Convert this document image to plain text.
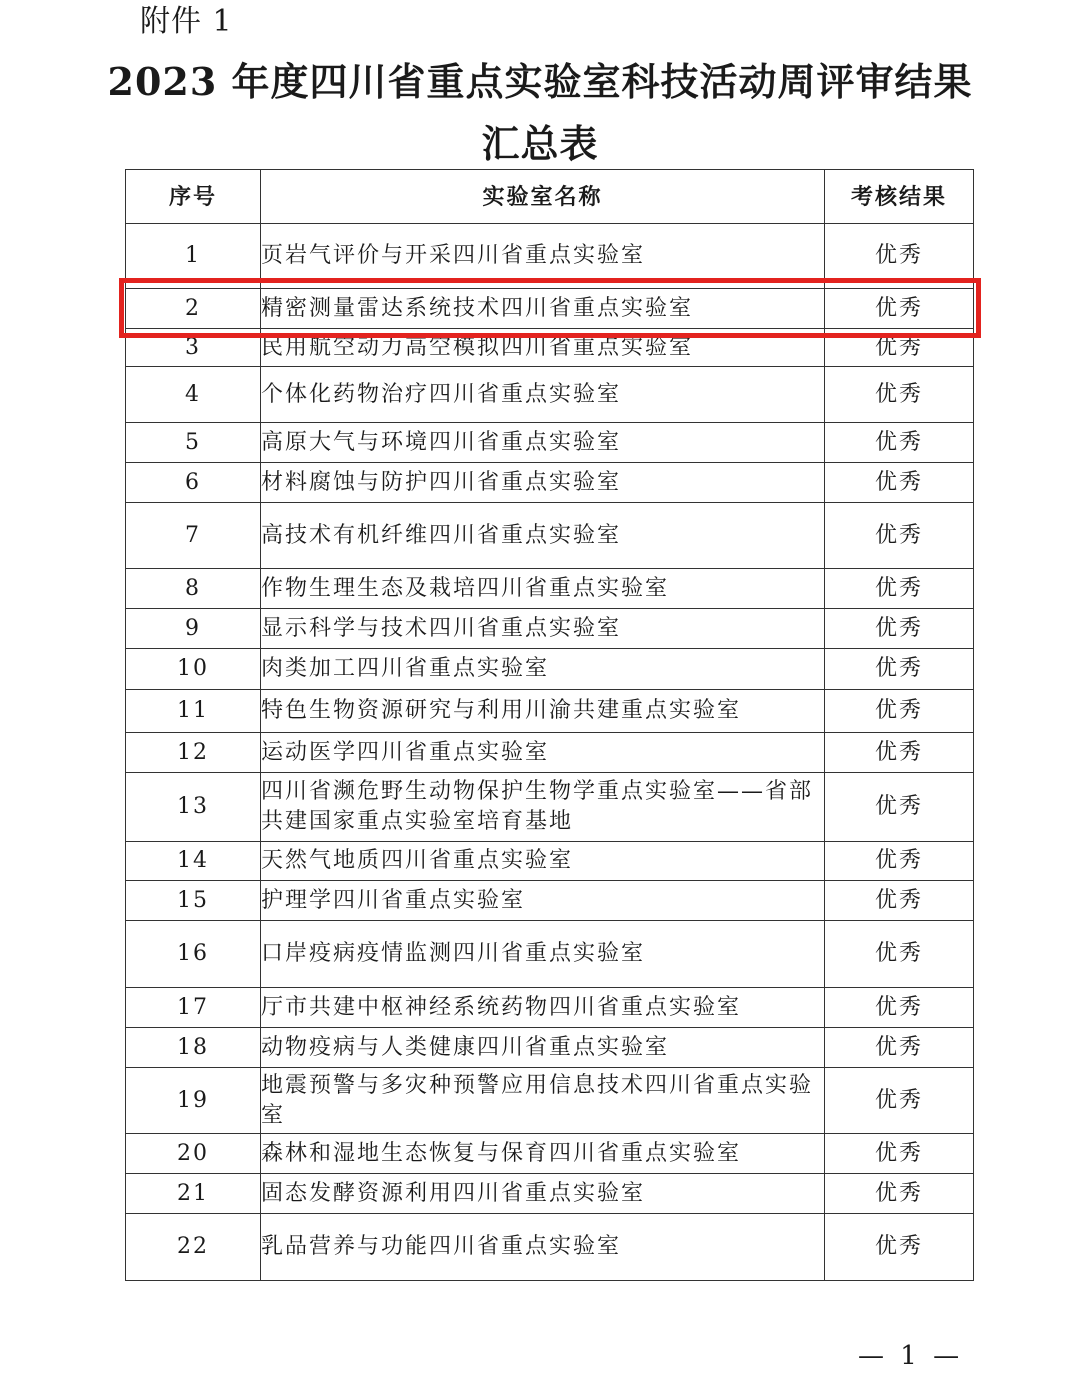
附件 1
2023 年度四川省重点实验室科技活动周评审结果
汇总表
序号	实验室名称	考核结果
1	页岩气评价与开采四川省重点实验室	优秀
2	精密测量雷达系统技术四川省重点实验室	优秀
3	民用航空动力高空模拟四川省重点实验室	优秀
4	个体化药物治疗四川省重点实验室	优秀
5	高原大气与环境四川省重点实验室	优秀
6	材料腐蚀与防护四川省重点实验室	优秀
7	高技术有机纤维四川省重点实验室	优秀
8	作物生理生态及栽培四川省重点实验室	优秀
9	显示科学与技术四川省重点实验室	优秀
10	肉类加工四川省重点实验室	优秀
11	特色生物资源研究与利用川渝共建重点实验室	优秀
12	运动医学四川省重点实验室	优秀
13	四川省濒危野生动物保护生物学重点实验室——省部共建国家重点实验室培育基地	优秀
14	天然气地质四川省重点实验室	优秀
15	护理学四川省重点实验室	优秀
16	口岸疫病疫情监测四川省重点实验室	优秀
17	厅市共建中枢神经系统药物四川省重点实验室	优秀
18	动物疫病与人类健康四川省重点实验室	优秀
19	地震预警与多灾种预警应用信息技术四川省重点实验室	优秀
20	森林和湿地生态恢复与保育四川省重点实验室	优秀
21	固态发酵资源利用四川省重点实验室	优秀
22	乳品营养与功能四川省重点实验室	优秀
— 1 —
